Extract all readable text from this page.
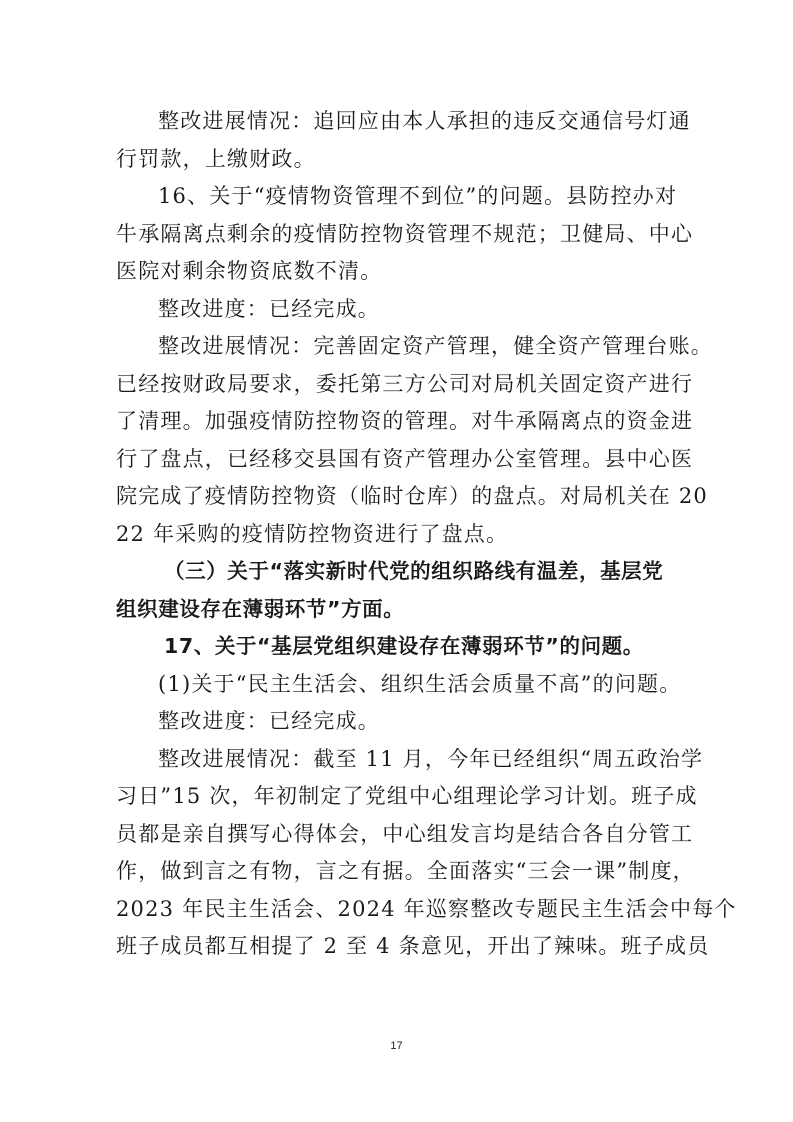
整改进展情况：追回应由本人承担的违反交通信号灯通
行罚款，上缴财政。
16、关于“疫情物资管理不到位”的问题。县防控办对
牛承隔离点剩余的疫情防控物资管理不规范；卫健局、中心
医院对剩余物资底数不清。
整改进度：已经完成。
整改进展情况：完善固定资产管理，健全资产管理台账。
已经按财政局要求，委托第三方公司对局机关固定资产进行
了清理。加强疫情防控物资的管理。对牛承隔离点的资金进
行了盘点，已经移交县国有资产管理办公室管理。县中心医
院完成了疫情防控物资（临时仓库）的盘点。对局机关在 20
22 年采购的疫情防控物资进行了盘点。
（三）关于“落实新时代党的组织路线有温差，基层党
组织建设存在薄弱环节”方面。
17、关于“基层党组织建设存在薄弱环节”的问题。
(1)关于“民主生活会、组织生活会质量不高”的问题。
整改进度：已经完成。
整改进展情况：截至 11 月，今年已经组织“周五政治学
习日”15 次，年初制定了党组中心组理论学习计划。班子成
员都是亲自撰写心得体会，中心组发言均是结合各自分管工
作，做到言之有物，言之有据。全面落实“三会一课”制度，
2023 年民主生活会、2024 年巡察整改专题民主生活会中每个
班子成员都互相提了 2 至 4 条意见，开出了辣味。班子成员
17
